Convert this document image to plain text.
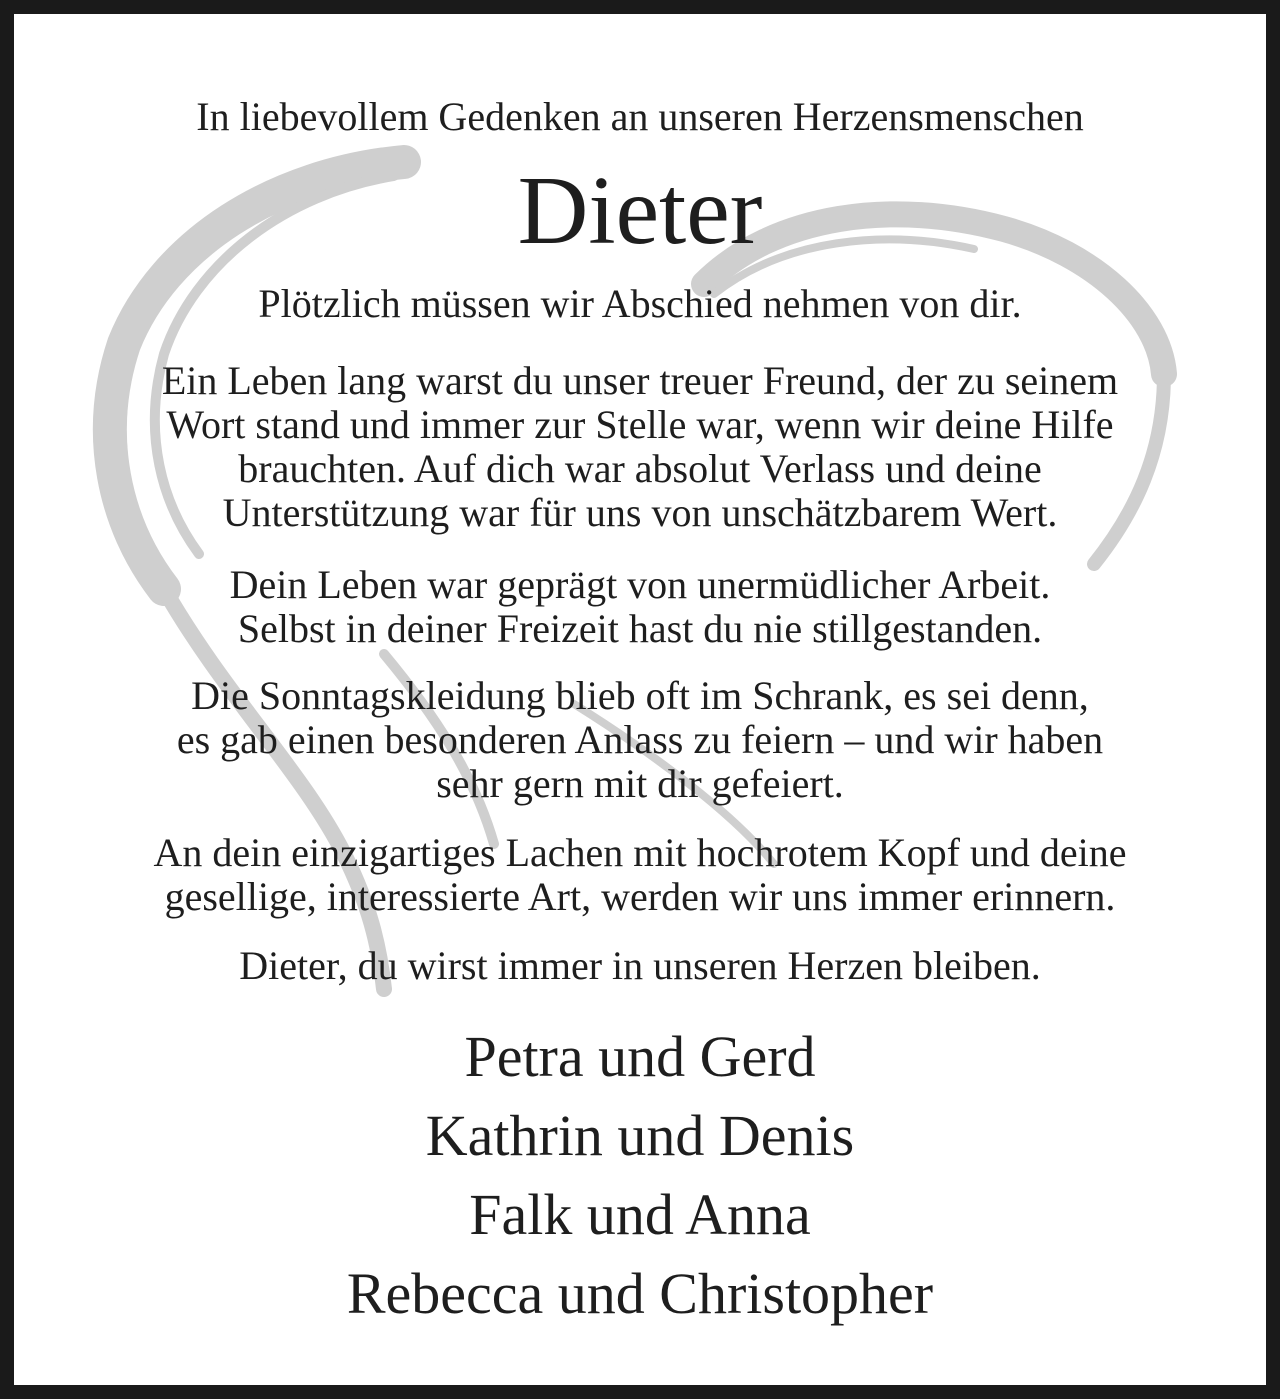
In liebevollem Gedenken an unseren Herzensmenschen
Dieter
Plötzlich müssen wir Abschied nehmen von dir.
Ein Leben lang warst du unser treuer Freund, der zu seinem
Wort stand und immer zur Stelle war, wenn wir deine Hilfe
brauchten. Auf dich war absolut Verlass und deine
Unterstützung war für uns von unschätzbarem Wert.
Dein Leben war geprägt von unermüdlicher Arbeit.
Selbst in deiner Freizeit hast du nie stillgestanden.
Die Sonntagskleidung blieb oft im Schrank, es sei denn,
es gab einen besonderen Anlass zu feiern – und wir haben
sehr gern mit dir gefeiert.
An dein einzigartiges Lachen mit hochrotem Kopf und deine
gesellige, interessierte Art, werden wir uns immer erinnern.
Dieter, du wirst immer in unseren Herzen bleiben.
Petra und Gerd
Kathrin und Denis
Falk und Anna
Rebecca und Christopher
